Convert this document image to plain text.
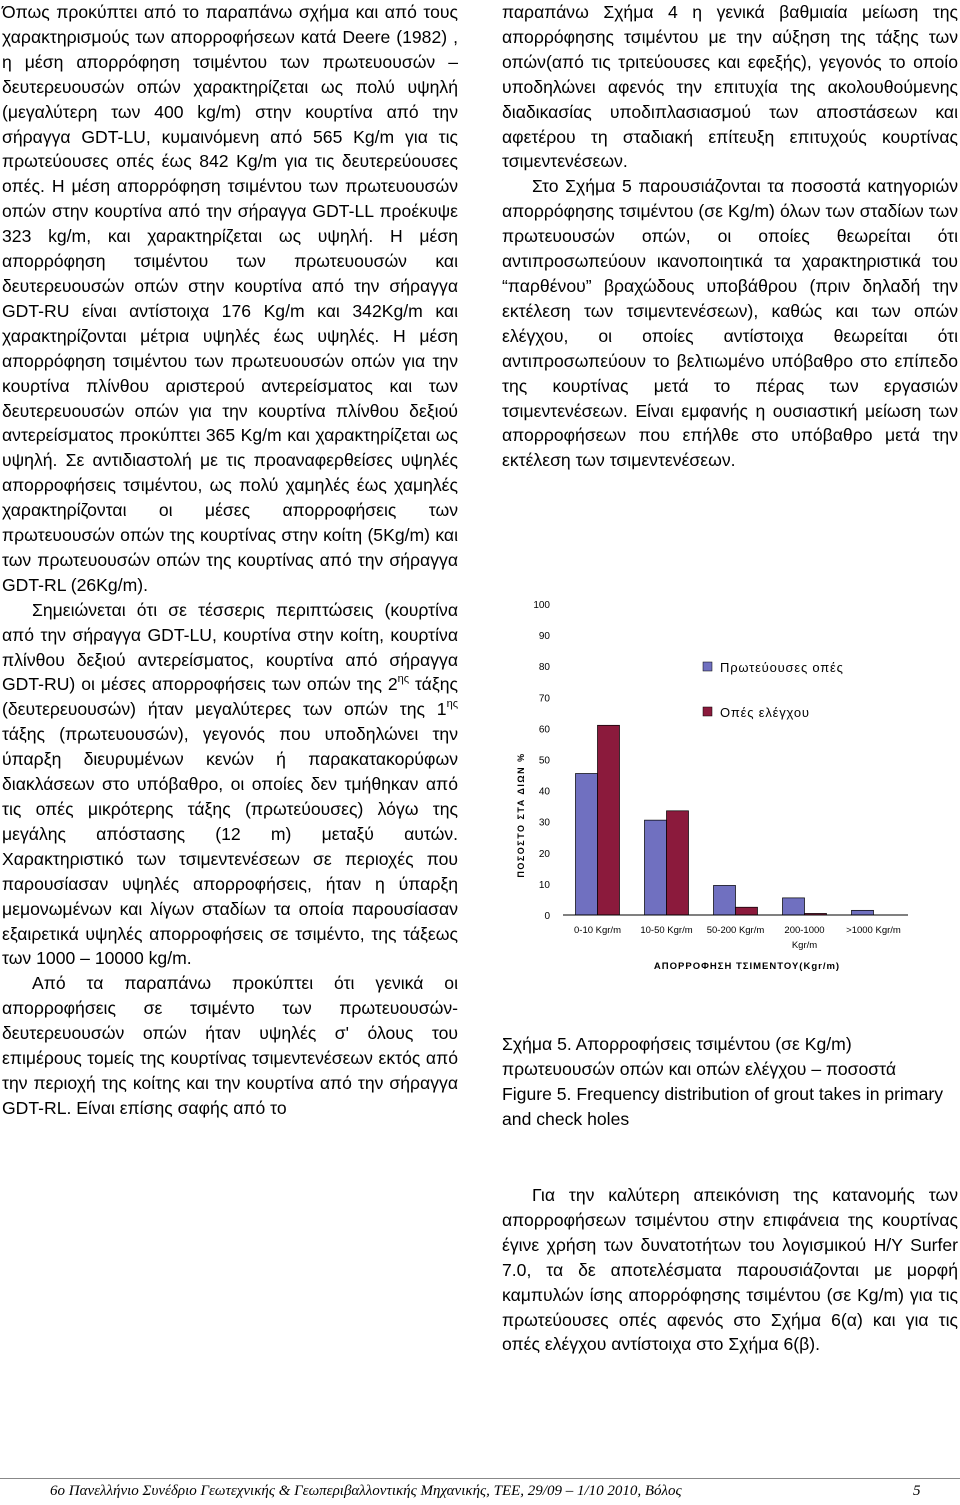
Όπως προκύπτει από το παραπάνω σχήμα και από τους χαρακτηρισμούς των απορροφήσεων κατά Deere (1982) , η μέση απορρόφηση τσιμέντου των πρωτευουσών – δευτερευουσών οπών χαρακτηρίζεται ως πολύ υψηλή (μεγαλύτερη των 400 kg/m) στην κουρτίνα από την σήραγγα GDT-LU, κυμαινόμενη από 565 Kg/m για τις πρωτεύουσες οπές έως 842 Kg/m για τις δευτερεύουσες οπές. Η μέση απορρόφηση τσιμέντου των πρωτευουσών οπών στην κουρτίνα από την σήραγγα GDT-LL προέκυψε 323 kg/m, και χαρακτηρίζεται ως υψηλή. Η μέση απορρόφηση τσιμέντου των πρωτευουσών και δευτερευουσών οπών στην κουρτίνα από την σήραγγα GDT-RU είναι αντίστοιχα 176 Kg/m και 342Kg/m και χαρακτηρίζονται μέτρια υψηλές έως υψηλές. Η μέση απορρόφηση τσιμέντου των πρωτευουσών οπών για την κουρτίνα πλίνθου αριστερού αντερείσματος και των δευτερευουσών οπών για την κουρτίνα πλίνθου δεξιού αντερείσματος προκύπτει 365 Kg/m και χαρακτηρίζεται ως υψηλή. Σε αντιδιαστολή με τις προαναφερθείσες υψηλές απορροφήσεις τσιμέντου, ως πολύ χαμηλές έως χαμηλές χαρακτηρίζονται οι μέσες απορροφήσεις των πρωτευουσών οπών της κουρτίνας στην κοίτη (5Kg/m) και των πρωτευουσών οπών της κουρτίνας από την σήραγγα GDT-RL (26Kg/m).

Σημειώνεται ότι σε τέσσερις περιπτώσεις (κουρτίνα από την σήραγγα GDT-LU, κουρτίνα στην κοίτη, κουρτίνα πλίνθου δεξιού αντερείσματος, κουρτίνα από σήραγγα GDT-RU) οι μέσες απορροφήσεις των οπών της $2^{\eta\varsigma}$ τάξης (δευτερευουσών) ήταν μεγαλύτερες των οπών της $1^{\eta\varsigma}$ τάξης (πρωτευουσών), γεγονός που υποδηλώνει την ύπαρξη διευρυμένων κενών ή παρακατακορύφων διακλάσεων στο υπόβαθρο, οι οποίες δεν τμήθηκαν από τις οπές μικρότερης τάξης (πρωτεύουσες) λόγω της μεγάλης απόστασης (12 m) μεταξύ αυτών. Χαρακτηριστικό των τσιμεντενέσεων σε περιοχές που παρουσίασαν υψηλές απορροφήσεις, ήταν η ύπαρξη μεμονωμένων και λίγων σταδίων τα οποία παρουσίασαν εξαιρετικά υψηλές απορροφήσεις σε τσιμέντο, της τάξεως των 1000 – 10000 kg/m.

Από τα παραπάνω προκύπτει ότι γενικά οι απορροφήσεις σε τσιμέντο των πρωτευουσών-δευτερευουσών οπών ήταν υψηλές σ' όλους του επιμέρους τομείς της κουρτίνας τσιμεντενέσεων εκτός από την περιοχή της κοίτης και την κουρτίνα από την σήραγγα GDT-RL. Είναι επίσης σαφής από το

παραπάνω Σχήμα 4 η γενικά βαθμιαία μείωση της απορρόφησης τσιμέντου με την αύξηση της τάξης των οπών(από τις τριτεύουσες και εφεξής), γεγονός το οποίο υποδηλώνει αφενός την επιτυχία της ακολουθούμενης διαδικασίας υποδιπλασιασμού των αποστάσεων και αφετέρου τη σταδιακή επίτευξη επιτυχούς κουρτίνας τσιμεντενέσεων.

Στο Σχήμα 5 παρουσιάζονται τα ποσοστά κατηγοριών απορρόφησης τσιμέντου (σε Kg/m) όλων των σταδίων των πρωτευουσών οπών, οι οποίες θεωρείται ότι αντιπροσωπεύουν ικανοποιητικά τα χαρακτηριστικά του “παρθένου” βραχώδους υποβάθρου (πριν δηλαδή την εκτέλεση των τσιμεντενέσεων), καθώς και των οπών ελέγχου, οι οποίες αντίστοιχα θεωρείται ότι αντιπροσωπεύουν το βελτιωμένο υπόβαθρο στο επίπεδο της κουρτίνας μετά το πέρας των εργασιών τσιμεντενέσεων. Είναι εμφανής η ουσιαστική μείωση των απορροφήσεων που επήλθε στο υπόβαθρο μετά την εκτέλεση των τσιμεντενέσεων.

0
10
20
30
40
50
60
70
80
90
100
0-10 Kgr/m 10-50 Kgr/m 50-200 Kgr/m 200-1000
Kgr/m
>1000 Kgr/m
ΠΟΣΟΣΤΟ ΣΤΑ ΔΙΩΝ %
ΑΠΟΡΡΟΦΗΣΗ ΤΣΙΜΕΝΤΟΥ(Kgr/m)
Πρωτεύουσες οπές
Οπές ελέγχου

Σχήμα 5. Απορροφήσεις τσιμέντου (σε Kg/m) πρωτευουσών οπών και οπών ελέγχου – ποσοστά

Figure 5. Frequency distribution of grout takes in primary and check holes

Για την καλύτερη απεικόνιση της κατανομής των απορροφήσεων τσιμέντου στην επιφάνεια της κουρτίνας έγινε χρήση των δυνατοτήτων του λογισμικού Η/Υ Surfer 7.0, τα δε αποτελέσματα παρουσιάζονται με μορφή καμπυλών ίσης απορρόφησης τσιμέντου (σε Kg/m) για τις πρωτεύουσες οπές αφενός στο Σχήμα 6(α) και για τις οπές ελέγχου αντίστοιχα στο Σχήμα 6(β).

6ο Πανελλήνιο Συνέδριο Γεωτεχνικής & Γεωπεριβαλλοντικής Μηχανικής, ΤΕΕ, 29/09 – 1/10 2010, Βόλος	5
